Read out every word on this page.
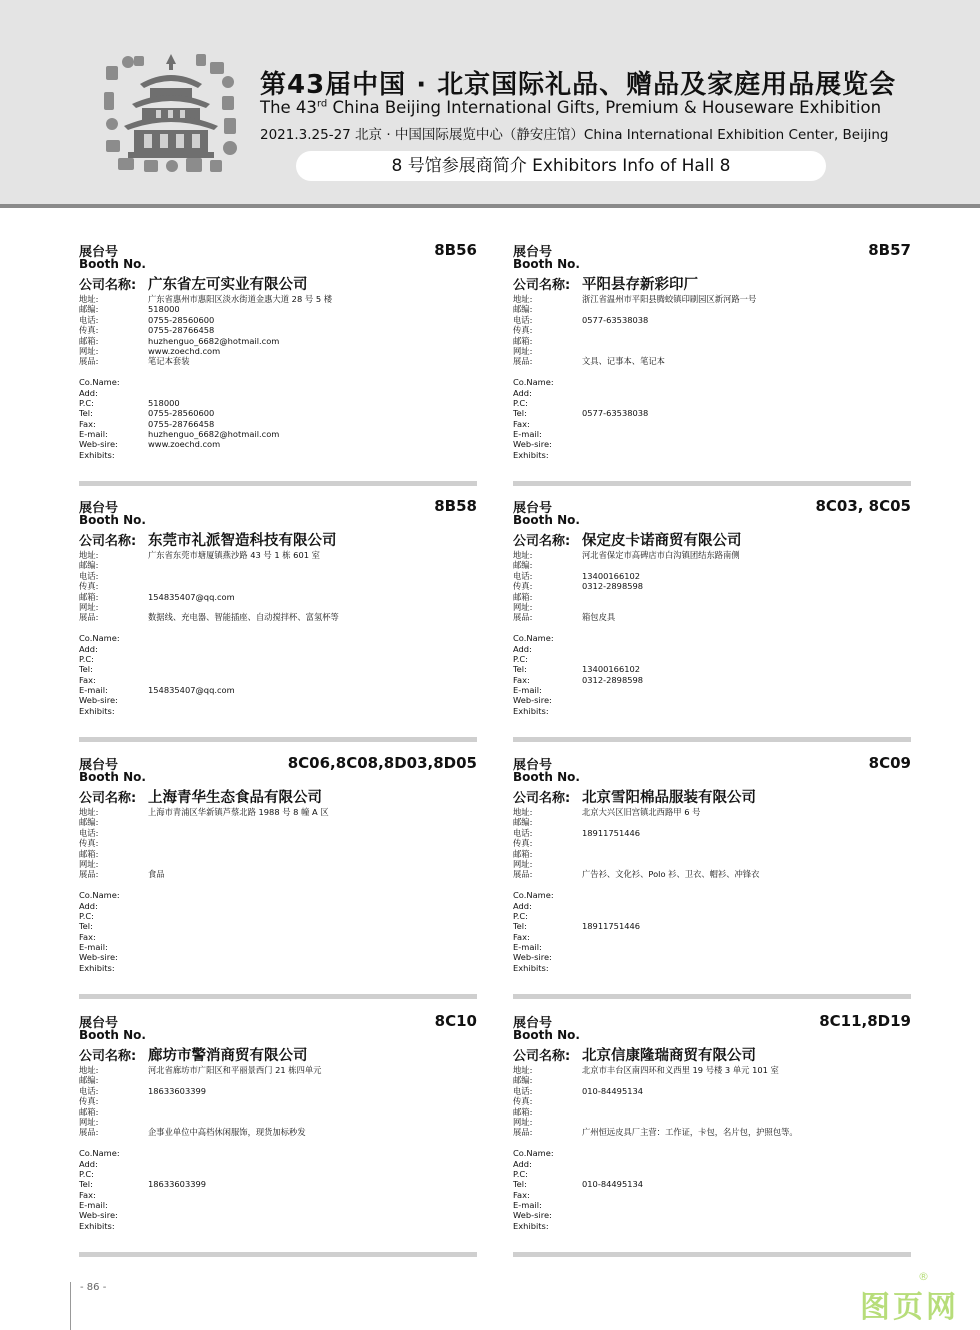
第43届中国 · 北京国际礼品、赠品及家庭用品展览会
The 43rd China Beijing International Gifts, Premium & Houseware Exhibition
2021.3.25-27 北京 · 中国国际展览中心（静安庄馆）China International Exhibition Center, Beijing
8 号馆参展商简介 Exhibitors Info of Hall 8
展台号
Booth No.
8B56
公司名称: 广东省左可实业有限公司
地址:	广东省惠州市惠阳区淡水街道金惠大道 28 号 5 楼
邮编:	518000
电话:	0755-28560600
传真:	0755-28766458
邮箱:	huzhenguo_6682@hotmail.com
网址:	www.zoechd.com
展品:	笔记本套装
Co.Name:
Add:
P.C:	518000
Tel:	0755-28560600
Fax:	0755-28766458
E-mail:	huzhenguo_6682@hotmail.com
Web-sire:	www.zoechd.com
Exhibits:
展台号
Booth No.
8B57
公司名称: 平阳县存新彩印厂
地址:	浙江省温州市平阳县腾蛟镇印刷园区新河路一号
邮编:
电话:	0577-63538038
传真:
邮箱:
网址:
展品:	文具、记事本、笔记本
Co.Name:
Add:
P.C:
Tel:	0577-63538038
Fax:
E-mail:
Web-sire:
Exhibits:
展台号
Booth No.
8B58
公司名称: 东莞市礼派智造科技有限公司
地址:	广东省东莞市塘厦镇燕沙路 43 号 1 栋 601 室
邮编:
电话:
传真:
邮箱:	154835407@qq.com
网址:
展品:	数据线、充电器、智能插座、自动搅拌杯、富氢杯等
Co.Name:
Add:
P.C:
Tel:
Fax:
E-mail:	154835407@qq.com
Web-sire:
Exhibits:
展台号
Booth No.
8C03, 8C05
公司名称: 保定皮卡诺商贸有限公司
地址:	河北省保定市高碑店市白沟镇团结东路南侧
邮编:
电话:	13400166102
传真:	0312-2898598
邮箱:
网址:
展品:	箱包皮具
Co.Name:
Add:
P.C:
Tel:	13400166102
Fax:	0312-2898598
E-mail:
Web-sire:
Exhibits:
展台号
Booth No.
8C06,8C08,8D03,8D05
公司名称: 上海青华生态食品有限公司
地址:	上海市青浦区华新镇芦蔡北路 1988 号 8 幢 A 区
邮编:
电话:
传真:
邮箱:
网址:
展品:	食品
Co.Name:
Add:
P.C:
Tel:
Fax:
E-mail:
Web-sire:
Exhibits:
展台号
Booth No.
8C09
公司名称: 北京雪阳棉品服装有限公司
地址:	北京大兴区旧宫镇北西路甲 6 号
邮编:
电话:	18911751446
传真:
邮箱:
网址:
展品:	广告衫、文化衫、Polo 衫、卫衣、帽衫、冲锋衣
Co.Name:
Add:
P.C:
Tel:	18911751446
Fax:
E-mail:
Web-sire:
Exhibits:
展台号
Booth No.
8C10
公司名称: 廊坊市警消商贸有限公司
地址:	河北省廊坊市广阳区和平丽景西门 21 栋四单元
邮编:
电话:	18633603399
传真:
邮箱:
网址:
展品:	企事业单位中高档休闲服饰，现货加标秒发
Co.Name:
Add:
P.C:
Tel:	18633603399
Fax:
E-mail:
Web-sire:
Exhibits:
展台号
Booth No.
8C11,8D19
公司名称: 北京信康隆瑞商贸有限公司
地址:	北京市丰台区南四环和义西里 19 号楼 3 单元 101 室
邮编:
电话:	010-84495134
传真:
邮箱:
网址:
展品:	广州恒远皮具厂主营：工作证，卡包，名片包，护照包等。
Co.Name:
Add:
P.C:
Tel:	010-84495134
Fax:
E-mail:
Web-sire:
Exhibits:
- 86 -
图页网
®
